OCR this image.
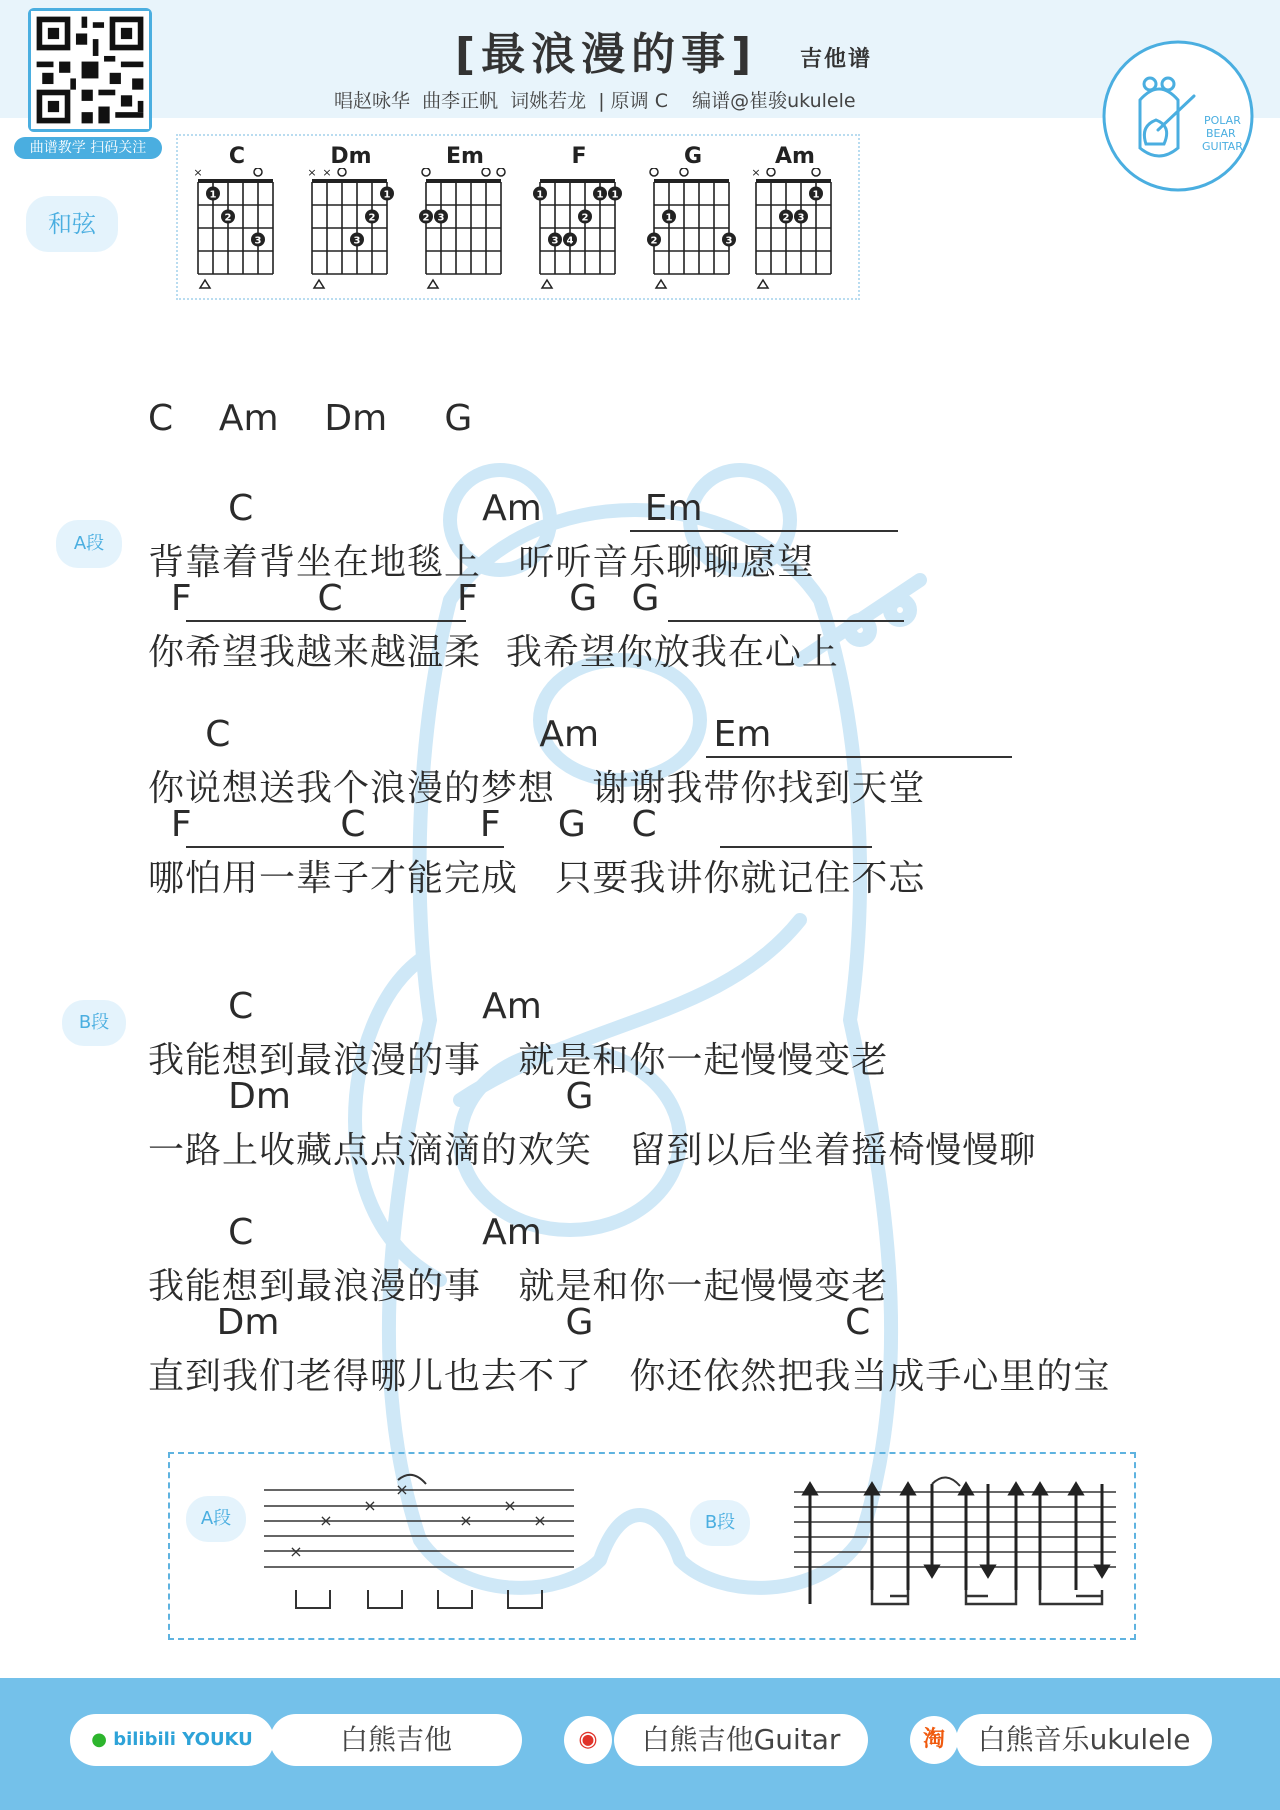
曲谱教学 扫码关注
[最浪漫的事] 吉他谱
唱赵咏华  曲李正帆  词姚若龙  | 原调 C    编谱@崔骏ukulele
POLAR
BEAR
GUITAR
和弦
C
1
2
3
×
Dm
1
2
3
× ×
Em
2 3
F
1
2
3 4
1 1
G
1
2	3
Am
1
2 3
×
A段
B段
C    Am    Dm     G
C                    Am         Em
背靠着背坐在地毯上   听听音乐聊聊愿望
F           C          F        G   G
你希望我越来越温柔  我希望你放我在心上
C                           Am          Em
你说想送我个浪漫的梦想   谢谢我带你找到天堂
F             C          F     G    C
哪怕用一辈子才能完成   只要我讲你就记住不忘
C                    Am
我能想到最浪漫的事   就是和你一起慢慢变老
Dm                        G
一路上收藏点点滴滴的欢笑   留到以后坐着摇椅慢慢聊
C                    Am
我能想到最浪漫的事   就是和你一起慢慢变老
Dm                         G                      C
直到我们老得哪儿也去不了   你还依然把我当成手心里的宝
A段	B段
×
×
×
×
×
×
×
● bilibili YOUKU	白熊吉他	◉	白熊吉他Guitar	淘	白熊音乐ukulele
